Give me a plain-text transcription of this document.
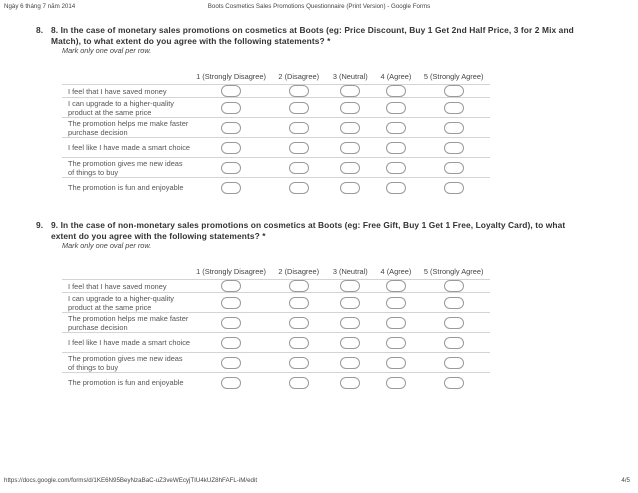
Ngày 6 tháng 7 năm 2014	Boots Cosmetics Sales Promotions Questionnaire (Print Version) - Google Forms
8. 8. In the case of monetary sales promotions on cosmetics at Boots (eg: Price Discount, Buy 1 Get 2nd Half Price, 3 for 2 Mix and Match), to what extent do you agree with the following statements? *
Mark only one oval per row.
	1 (Strongly Disagree)	2 (Disagree)	3 (Neutral)	4 (Agree)	5 (Strongly Agree)
I feel that I have saved money					
I can upgrade to a higher-quality product at the same price					
The promotion helps me make faster purchase decision					
I feel like I have made a smart choice					
The promotion gives me new ideas of things to buy					
The promotion is fun and enjoyable					
9. 9. In the case of non-monetary sales promotions on cosmetics at Boots (eg: Free Gift, Buy 1 Get 1 Free, Loyalty Card), to what extent do you agree with the following statements? *
Mark only one oval per row.
	1 (Strongly Disagree)	2 (Disagree)	3 (Neutral)	4 (Agree)	5 (Strongly Agree)
I feel that I have saved money					
I can upgrade to a higher-quality product at the same price					
The promotion helps me make faster purchase decision					
I feel like I have made a smart choice					
The promotion gives me new ideas of things to buy					
The promotion is fun and enjoyable					
https://docs.google.com/forms/d/1KE6N95BeyNzaBaC-uZ3veWEcyjTIU4kUZ8hFAFL-iM/edit	4/5
